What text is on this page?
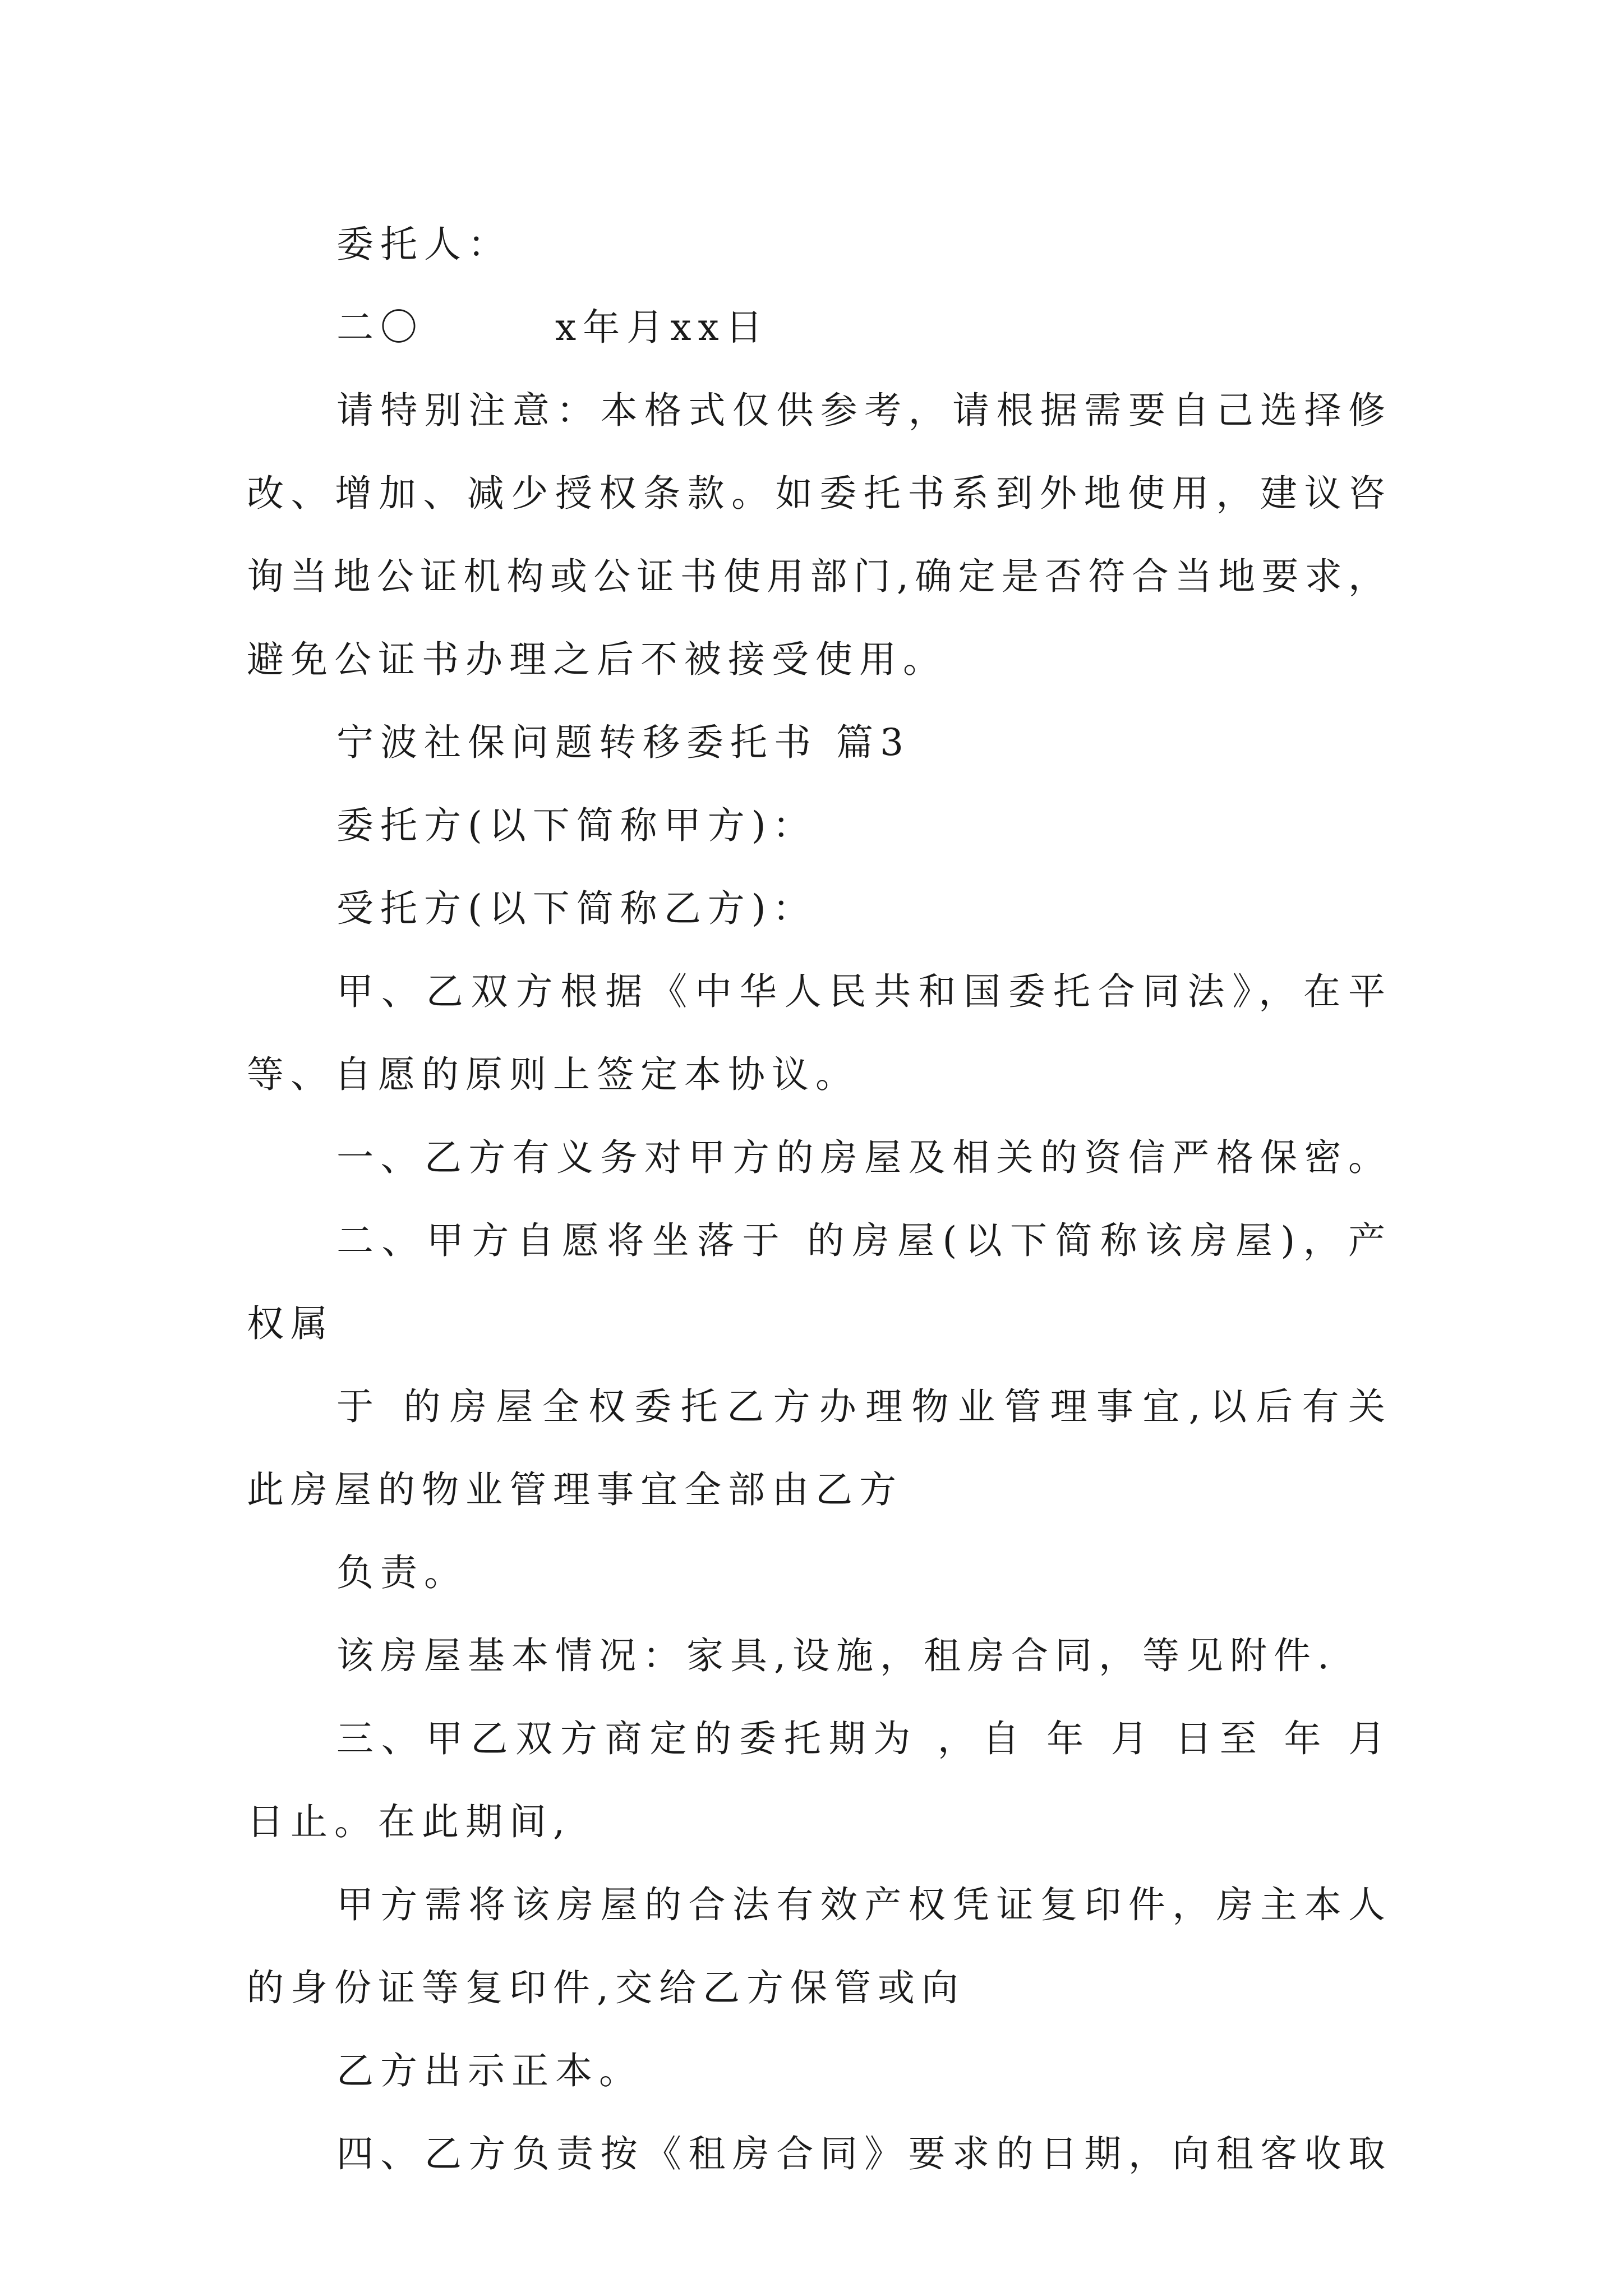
委托人：
二〇　　　x年月xx日
请特别注意：本格式仅供参考，请根据需要自己选择修
改、增加、减少授权条款。如委托书系到外地使用，建议咨
询当地公证机构或公证书使用部门,确定是否符合当地要求，
避免公证书办理之后不被接受使用。
宁波社保问题转移委托书 篇3
委托方(以下简称甲方)：
受托方(以下简称乙方)：
甲、乙双方根据《中华人民共和国委托合同法》，在平
等、自愿的原则上签定本协议。
一、乙方有义务对甲方的房屋及相关的资信严格保密。
二、甲方自愿将坐落于 的房屋(以下简称该房屋)，产
权属
于 的房屋全权委托乙方办理物业管理事宜,以后有关
此房屋的物业管理事宜全部由乙方
负责。
该房屋基本情况：家具,设施，租房合同，等见附件.
三、甲乙双方商定的委托期为 ，自 年 月 日至 年 月
日止。在此期间,
甲方需将该房屋的合法有效产权凭证复印件，房主本人
的身份证等复印件,交给乙方保管或向
乙方出示正本。
四、乙方负责按《租房合同》要求的日期，向租客收取
